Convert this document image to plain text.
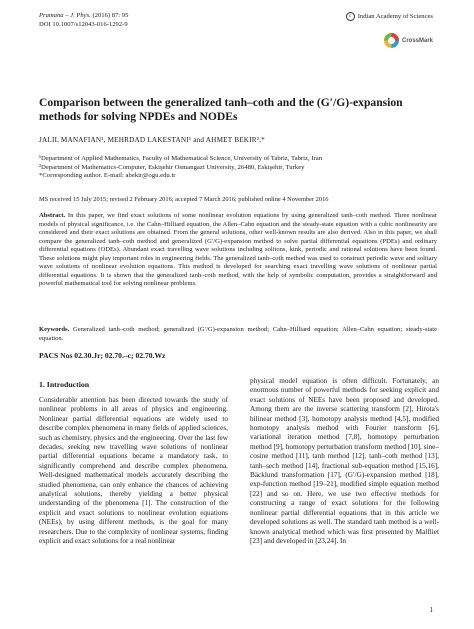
Pramana – J. Phys. (2016) 87: 95
DOI 10.1007/s12043-016-1292-9
c Indian Academy of Sciences
CrossMark
Comparison between the generalized tanh–coth and the (G′/G)-expansion methods for solving NPDEs and NODEs
JALIL MANAFIAN¹, MEHRDAD LAKESTANI¹ and AHMET BEKIR²,*
¹Department of Applied Mathematics, Faculty of Mathematical Science, University of Tabriz, Tabriz, Iran
²Department of Mathematics-Computer, Eskişehir Osmangazi University, 26480, Eskişehir, Turkey
*Corresponding author. E-mail: abekir@ogu.edu.tr
MS received 15 July 2015; revised 2 February 2016; accepted 7 March 2016; published online 4 November 2016

Abstract. In this paper, we find exact solutions of some nonlinear evolution equations by using generalized tanh–coth method. Three nonlinear models of physical significance, i.e. the Cahn–Hilliard equation, the Allen–Cahn equation and the steady-state equation with a cubic nonlinearity are considered and their exact solutions are obtained. From the general solutions, other well-known results are also derived. Also in this paper, we shall compare the generalized tanh–coth method and generalized (G′/G)-expansion method to solve partial differential equations (PDEs) and ordinary differential equations (ODEs). Abundant exact travelling wave solutions including solitons, kink, periodic and rational solutions have been found. These solutions might play important roles in engineering fields. The generalized tanh–coth method was used to construct periodic wave and solitary wave solutions of nonlinear evolution equations. This method is developed for searching exact travelling wave solutions of nonlinear partial differential equations. It is shown that the generalized tanh–coth method, with the help of symbolic computation, provides a straightforward and powerful mathematical tool for solving nonlinear problems.

Keywords. Generalized tanh–coth method; generalized (G′/G)-expansion method; Cahn–Hilliard equation; Allen–Cahn equation; steady-state equation.

PACS Nos 02.30.Jr; 02.70.–c; 02.70.Wz
1. Introduction

Considerable attention has been directed towards the study of nonlinear problems in all areas of physics and engineering. Nonlinear partial differential equations are widely used to describe complex phenomena in many fields of applied sciences, such as chemistry, physics and the engineering. Over the last few decades, seeking new travelling wave solutions of nonlinear partial differential equations became a mandatory task, to significantly comprehend and describe complex phenomena. Well-designed mathematical models accurately describing the studied phenomena, can only enhance the chances of achieving analytical solutions, thereby yielding a better physical understanding of the phenomena [1]. The construction of the explicit and exact solutions to nonlinear evolution equations (NEEs), by using different methods, is the goal for many researchers. Due to the complexity of nonlinear systems, finding explicit and exact solutions for a real nonlinear

physical model equation is often difficult. Fortunately, an enormous number of powerful methods for seeking explicit and exact solutions of NEEs have been proposed and developed. Among them are the inverse scattering transform [2], Hirota's bilinear method [3], homotopy analysis method [4,5], modified homotopy analysis method with Fourier transform [6], variational iteration method [7,8], homotopy perturbation method [9], homotopy perturbation transform method [10], sine–cosine method [11], tanh method [12], tanh–coth method [13], tanh–sech method [14], fractional sub-equation method [15,16], Bäcklund transformation [17], (G′/G)-expansion method [18], exp-function method [19–21], modified simple equation method [22] and so on. Here, we use two effective methods for constructing a range of exact solutions for the following nonlinear partial differential equations that in this article we developed solutions as well. The standard tanh method is a well-known analytical method which was first presented by Malfliet [23] and developed in [23,24]. In

1
